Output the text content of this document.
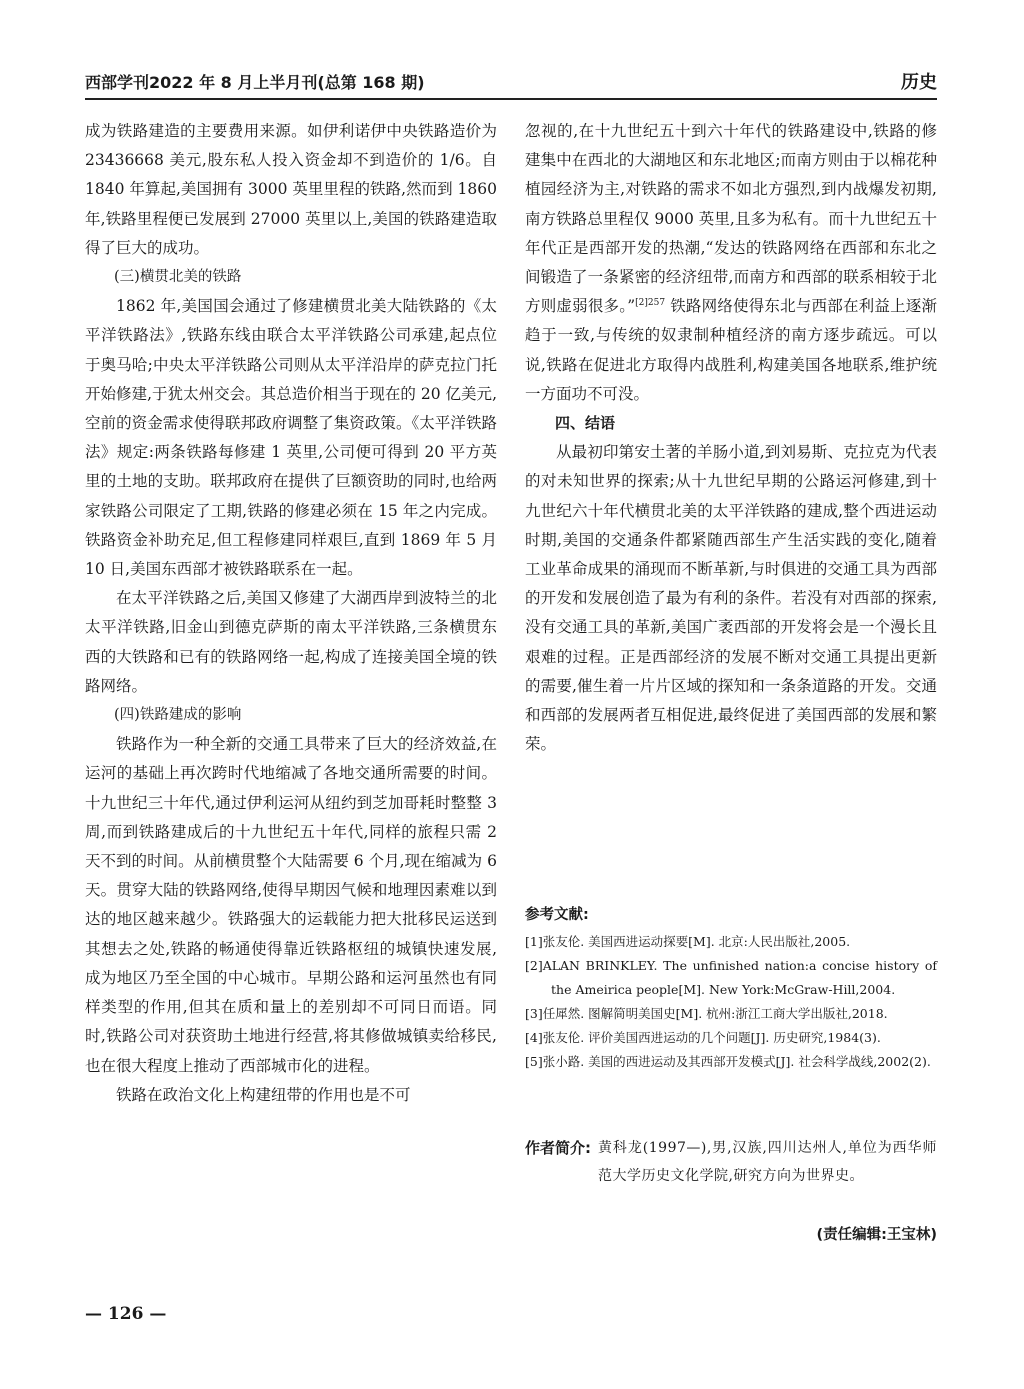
西部学刊2022 年 8 月上半月刊(总第 168 期)	历史

成为铁路建造的主要费用来源。如伊利诺伊中央铁路造价为 23436668 美元,股东私人投入资金却不到造价的 1/6。自 1840 年算起,美国拥有 3000 英里里程的铁路,然而到 1860 年,铁路里程便已发展到 27000 英里以上,美国的铁路建造取得了巨大的成功。

(三)横贯北美的铁路

1862 年,美国国会通过了修建横贯北美大陆铁路的《太平洋铁路法》,铁路东线由联合太平洋铁路公司承建,起点位于奥马哈;中央太平洋铁路公司则从太平洋沿岸的萨克拉门托开始修建,于犹太州交会。其总造价相当于现在的 20 亿美元,空前的资金需求使得联邦政府调整了集资政策。《太平洋铁路法》规定:两条铁路每修建 1 英里,公司便可得到 20 平方英里的土地的支助。联邦政府在提供了巨额资助的同时,也给两家铁路公司限定了工期,铁路的修建必须在 15 年之内完成。铁路资金补助充足,但工程修建同样艰巨,直到 1869 年 5 月 10 日,美国东西部才被铁路联系在一起。

在太平洋铁路之后,美国又修建了大湖西岸到波特兰的北太平洋铁路,旧金山到德克萨斯的南太平洋铁路,三条横贯东西的大铁路和已有的铁路网络一起,构成了连接美国全境的铁路网络。

(四)铁路建成的影响

铁路作为一种全新的交通工具带来了巨大的经济效益,在运河的基础上再次跨时代地缩减了各地交通所需要的时间。十九世纪三十年代,通过伊利运河从纽约到芝加哥耗时整整 3 周,而到铁路建成后的十九世纪五十年代,同样的旅程只需 2 天不到的时间。从前横贯整个大陆需要 6 个月,现在缩减为 6 天。贯穿大陆的铁路网络,使得早期因气候和地理因素难以到达的地区越来越少。铁路强大的运载能力把大批移民运送到其想去之处,铁路的畅通使得靠近铁路枢纽的城镇快速发展,成为地区乃至全国的中心城市。早期公路和运河虽然也有同样类型的作用,但其在质和量上的差别却不可同日而语。同时,铁路公司对获资助土地进行经营,将其修做城镇卖给移民,也在很大程度上推动了西部城市化的进程。

铁路在政治文化上构建纽带的作用也是不可

忽视的,在十九世纪五十到六十年代的铁路建设中,铁路的修建集中在西北的大湖地区和东北地区;而南方则由于以棉花种植园经济为主,对铁路的需求不如北方强烈,到内战爆发初期,南方铁路总里程仅 9000 英里,且多为私有。而十九世纪五十年代正是西部开发的热潮,“发达的铁路网络在西部和东北之间锻造了一条紧密的经济纽带,而南方和西部的联系相较于北方则虚弱很多。”$^{[2]257}$ 铁路网络使得东北与西部在利益上逐渐趋于一致,与传统的奴隶制种植经济的南方逐步疏远。可以说,铁路在促进北方取得内战胜利,构建美国各地联系,维护统一方面功不可没。

四、结语

从最初印第安土著的羊肠小道,到刘易斯、克拉克为代表的对未知世界的探索;从十九世纪早期的公路运河修建,到十九世纪六十年代横贯北美的太平洋铁路的建成,整个西进运动时期,美国的交通条件都紧随西部生产生活实践的变化,随着工业革命成果的涌现而不断革新,与时俱进的交通工具为西部的开发和发展创造了最为有利的条件。若没有对西部的探索,没有交通工具的革新,美国广袤西部的开发将会是一个漫长且艰难的过程。正是西部经济的发展不断对交通工具提出更新的需要,催生着一片片区域的探知和一条条道路的开发。交通和西部的发展两者互相促进,最终促进了美国西部的发展和繁荣。

参考文献:
[1]张友伦. 美国西进运动探要[M]. 北京:人民出版社,2005.
[2]ALAN BRINKLEY. The unfinished nation:a concise history of the Ameirica people[M]. New York:McGraw-Hill,2004.
[3]任犀然. 图解简明美国史[M]. 杭州:浙江工商大学出版社,2018.
[4]张友伦. 评价美国西进运动的几个问题[J]. 历史研究,1984(3).
[5]张小路. 美国的西进运动及其西部开发模式[J]. 社会科学战线,2002(2).
作者简介: 黄科龙(1997—),男,汉族,四川达州人,单位为西华师范大学历史文化学院,研究方向为世界史。
(责任编辑:王宝林)
— 126 —
